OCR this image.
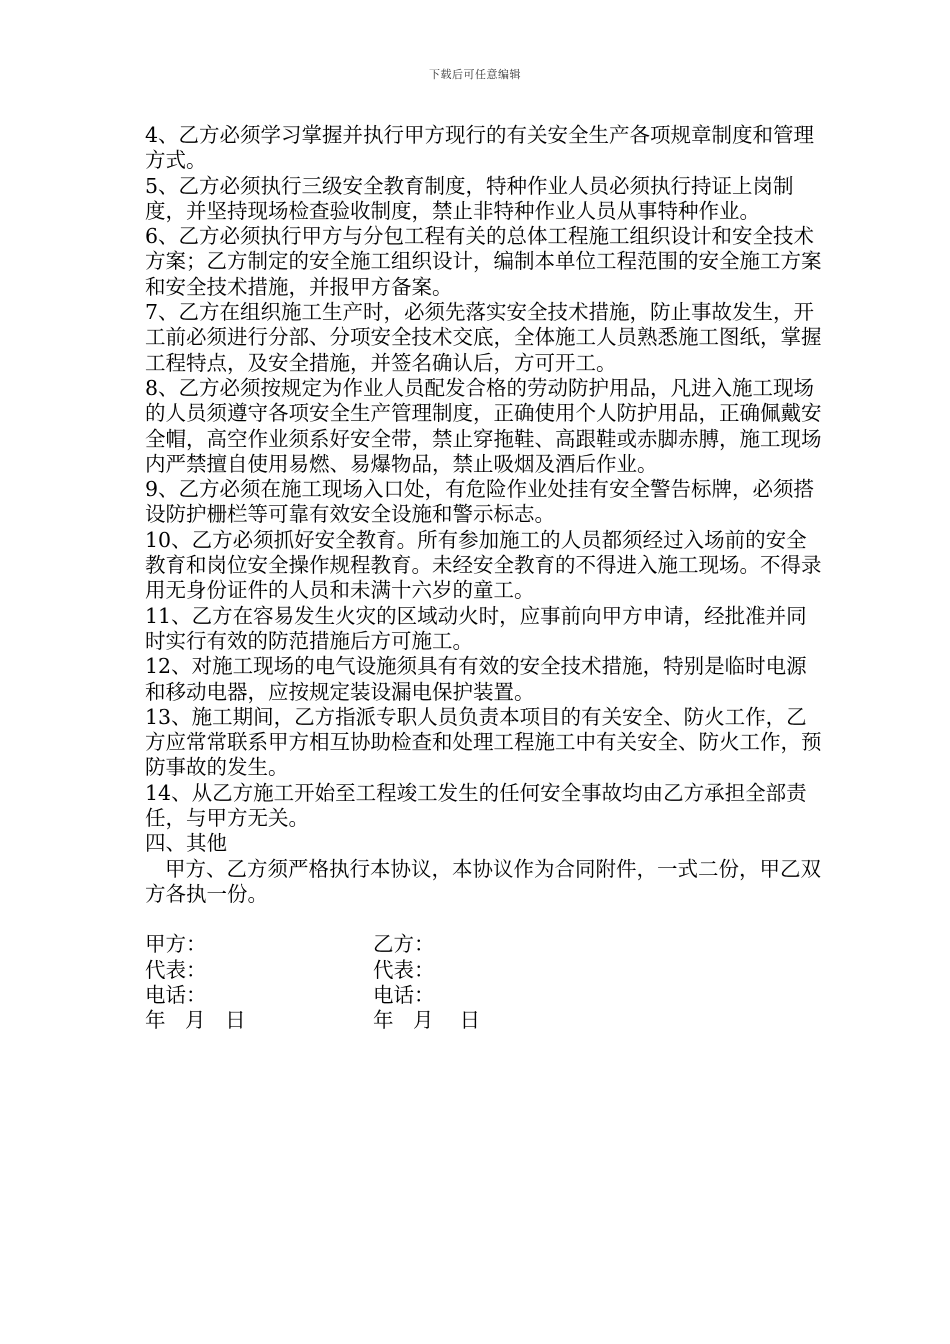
下载后可任意编辑

4、乙方必须学习掌握并执行甲方现行的有关安全生产各项规章制度和管理方式。

5、乙方必须执行三级安全教育制度，特种作业人员必须执行持证上岗制度，并坚持现场检查验收制度，禁止非特种作业人员从事特种作业。

6、乙方必须执行甲方与分包工程有关的总体工程施工组织设计和安全技术方案；乙方制定的安全施工组织设计，编制本单位工程范围的安全施工方案和安全技术措施，并报甲方备案。

7、乙方在组织施工生产时，必须先落实安全技术措施，防止事故发生，开工前必须进行分部、分项安全技术交底，全体施工人员熟悉施工图纸，掌握工程特点，及安全措施，并签名确认后，方可开工。

8、乙方必须按规定为作业人员配发合格的劳动防护用品，凡进入施工现场的人员须遵守各项安全生产管理制度，正确使用个人防护用品，正确佩戴安全帽，高空作业须系好安全带，禁止穿拖鞋、高跟鞋或赤脚赤膊，施工现场内严禁擅自使用易燃、易爆物品，禁止吸烟及酒后作业。

9、乙方必须在施工现场入口处，有危险作业处挂有安全警告标牌，必须搭设防护栅栏等可靠有效安全设施和警示标志。

10、乙方必须抓好安全教育。所有参加施工的人员都须经过入场前的安全教育和岗位安全操作规程教育。未经安全教育的不得进入施工现场。不得录用无身份证件的人员和未满十六岁的童工。

11、乙方在容易发生火灾的区域动火时，应事前向甲方申请，经批准并同时实行有效的防范措施后方可施工。

12、对施工现场的电气设施须具有有效的安全技术措施，特别是临时电源和移动电器，应按规定装设漏电保护装置。

13、施工期间，乙方指派专职人员负责本项目的有关安全、防火工作，乙方应常常联系甲方相互协助检查和处理工程施工中有关安全、防火工作，预防事故的发生。

14、从乙方施工开始至工程竣工发生的任何安全事故均由乙方承担全部责任，与甲方无关。

四、其他

甲方、乙方须严格执行本协议，本协议作为合同附件，一式二份，甲乙双方各执一份。

甲方：	乙方：
代表：	代表：
电话：	电话：
年   月   日	年   月    日
